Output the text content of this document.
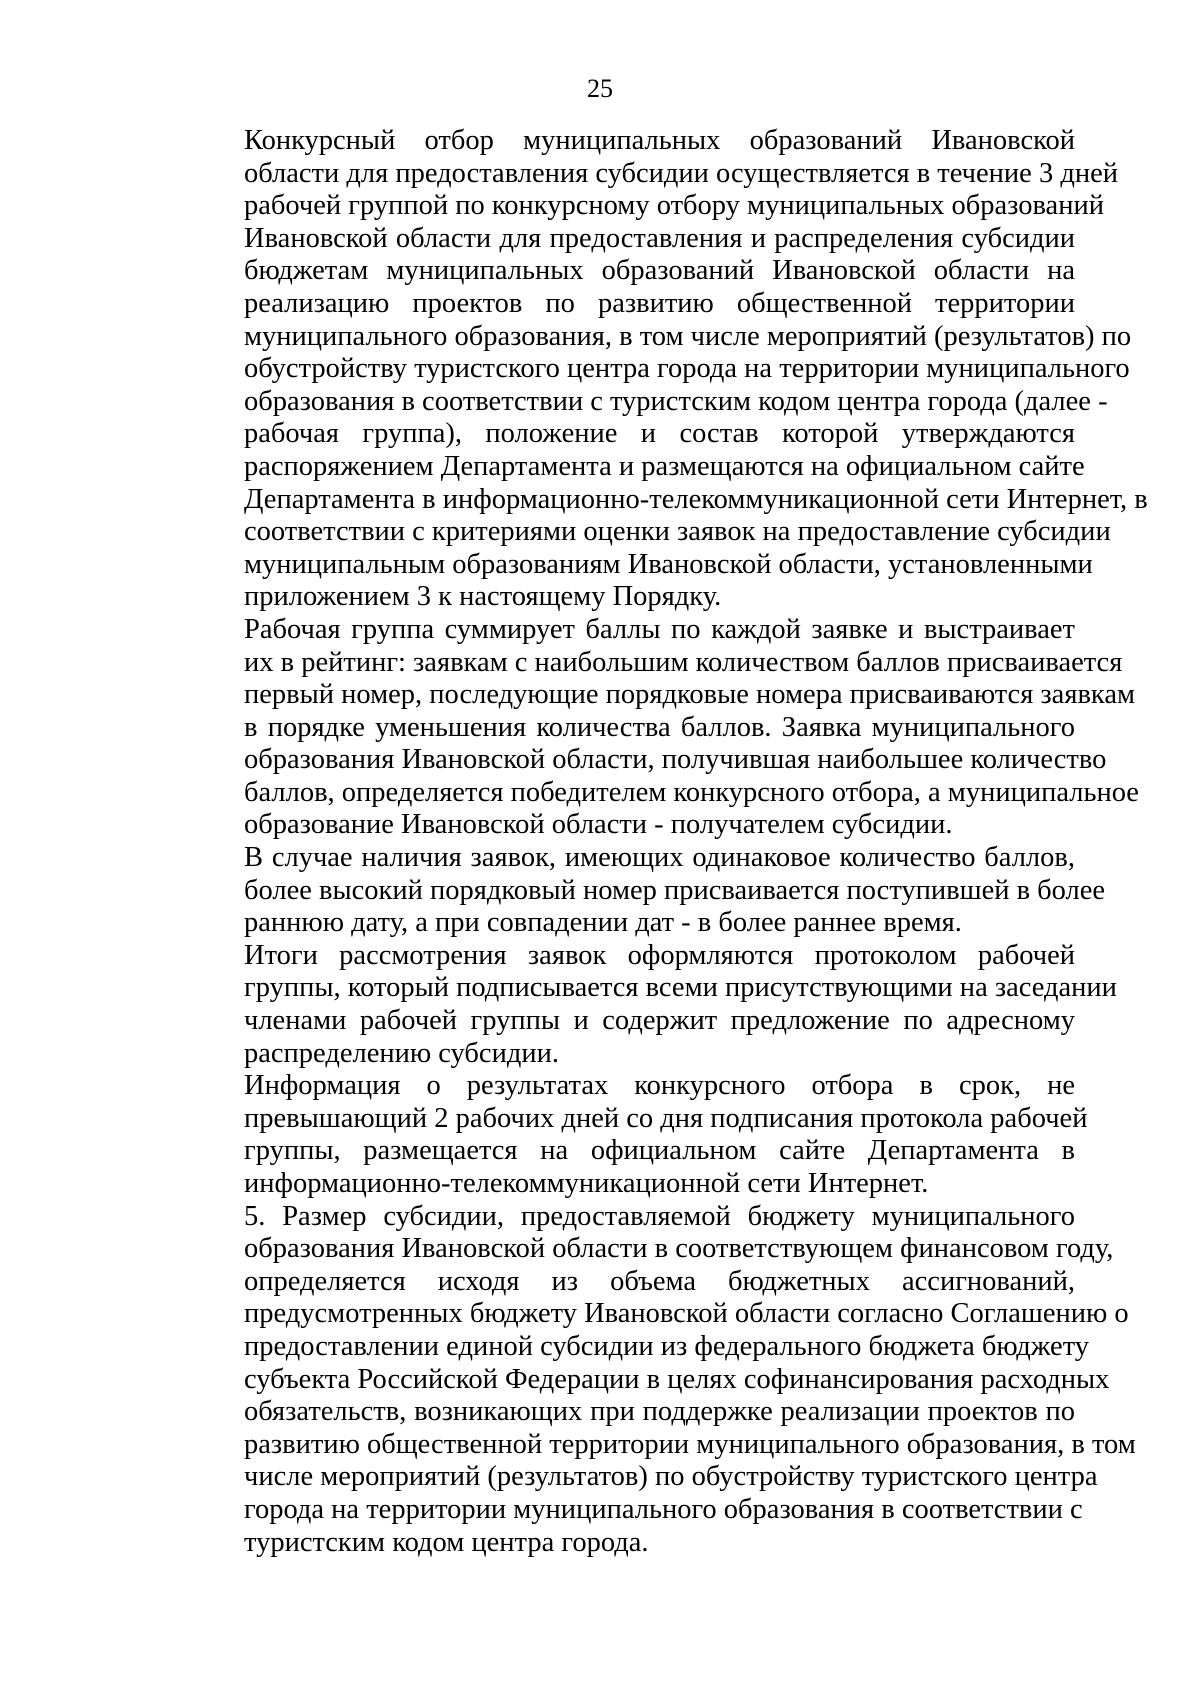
25

Конкурсный отбор муниципальных образований Ивановской
области для предоставления субсидии осуществляется в течение 3 дней
рабочей группой по конкурсному отбору муниципальных образований
Ивановской области для предоставления и распределения субсидии
бюджетам муниципальных образований Ивановской области на
реализацию проектов по развитию общественной территории
муниципального образования, в том числе мероприятий (результатов) по
обустройству туристского центра города на территории муниципального
образования в соответствии с туристским кодом центра города (далее -
рабочая группа), положение и состав которой утверждаются
распоряжением Департамента и размещаются на официальном сайте
Департамента в информационно-телекоммуникационной сети Интернет, в
соответствии с критериями оценки заявок на предоставление субсидии
муниципальным образованиям Ивановской области, установленными
приложением 3 к настоящему Порядку.

Рабочая группа суммирует баллы по каждой заявке и выстраивает
их в рейтинг: заявкам с наибольшим количеством баллов присваивается
первый номер, последующие порядковые номера присваиваются заявкам
в порядке уменьшения количества баллов. Заявка муниципального
образования Ивановской области, получившая наибольшее количество
баллов, определяется победителем конкурсного отбора, а муниципальное
образование Ивановской области - получателем субсидии.

В случае наличия заявок, имеющих одинаковое количество баллов,
более высокий порядковый номер присваивается поступившей в более
раннюю дату, а при совпадении дат - в более раннее время.

Итоги рассмотрения заявок оформляются протоколом рабочей
группы, который подписывается всеми присутствующими на заседании
членами рабочей группы и содержит предложение по адресному
распределению субсидии.

Информация о результатах конкурсного отбора в срок, не
превышающий 2 рабочих дней со дня подписания протокола рабочей
группы, размещается на официальном сайте Департамента в
информационно-телекоммуникационной сети Интернет.

5. Размер субсидии, предоставляемой бюджету муниципального
образования Ивановской области в соответствующем финансовом году,
определяется исходя из объема бюджетных ассигнований,
предусмотренных бюджету Ивановской области согласно Соглашению о
предоставлении единой субсидии из федерального бюджета бюджету
субъекта Российской Федерации в целях софинансирования расходных
обязательств, возникающих при поддержке реализации проектов по
развитию общественной территории муниципального образования, в том
числе мероприятий (результатов) по обустройству туристского центра
города на территории муниципального образования в соответствии с
туристским кодом центра города.
